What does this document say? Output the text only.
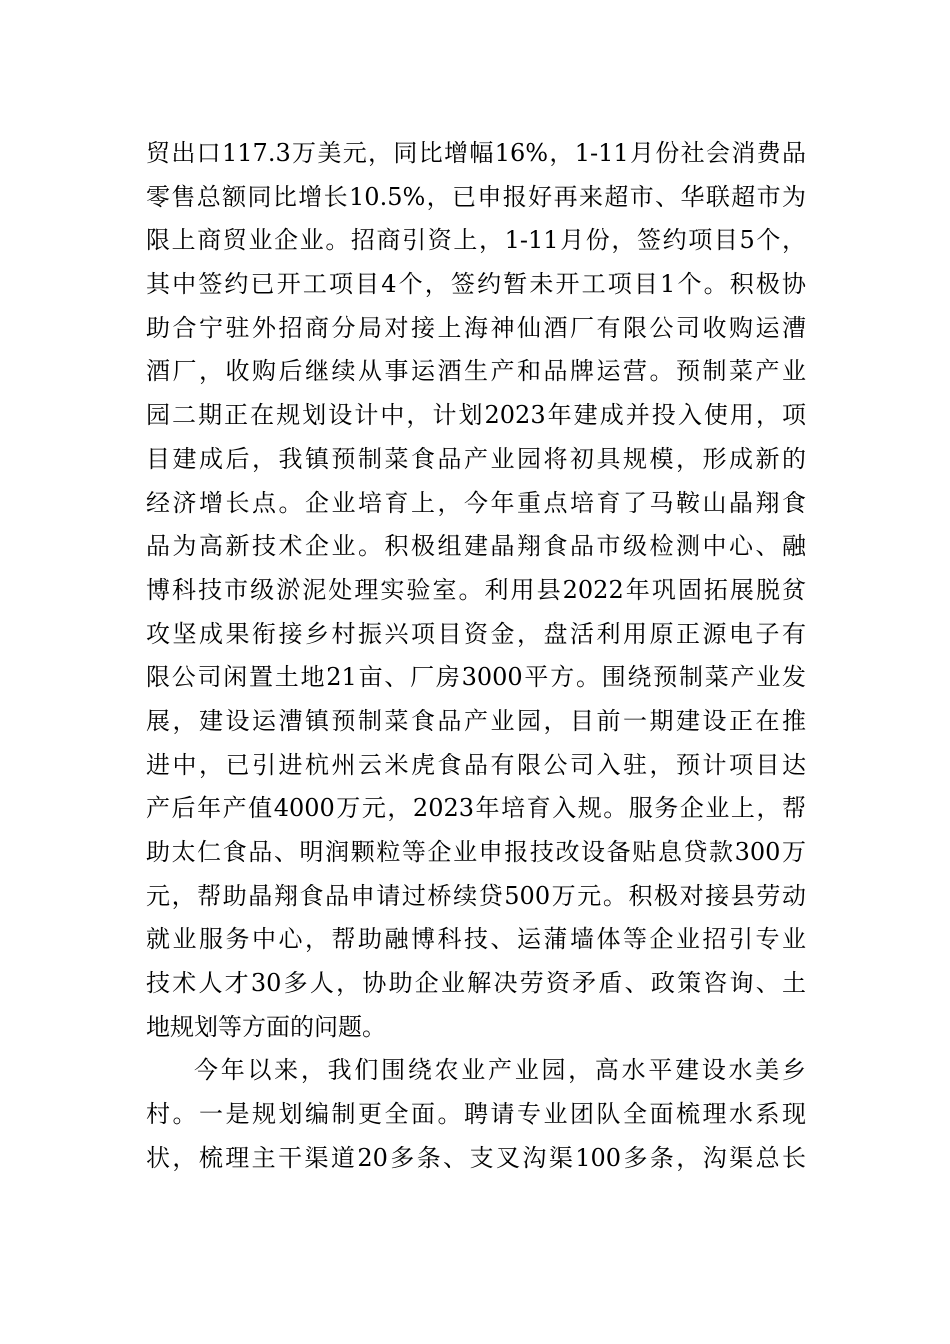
贸出口117.3万美元，同比增幅16%，1-11月份社会消费品
零售总额同比增长10.5%，已申报好再来超市、华联超市为
限上商贸业企业。招商引资上，1-11月份，签约项目5个，
其中签约已开工项目4个，签约暂未开工项目1个。积极协
助合宁驻外招商分局对接上海神仙酒厂有限公司收购运漕
酒厂，收购后继续从事运酒生产和品牌运营。预制菜产业
园二期正在规划设计中，计划2023年建成并投入使用，项
目建成后，我镇预制菜食品产业园将初具规模，形成新的
经济增长点。企业培育上，今年重点培育了马鞍山晶翔食
品为高新技术企业。积极组建晶翔食品市级检测中心、融
博科技市级淤泥处理实验室。利用县2022年巩固拓展脱贫
攻坚成果衔接乡村振兴项目资金，盘活利用原正源电子有
限公司闲置土地21亩、厂房3000平方。围绕预制菜产业发
展，建设运漕镇预制菜食品产业园，目前一期建设正在推
进中，已引进杭州云米虎食品有限公司入驻，预计项目达
产后年产值4000万元，2023年培育入规。服务企业上，帮
助太仁食品、明润颗粒等企业申报技改设备贴息贷款300万
元，帮助晶翔食品申请过桥续贷500万元。积极对接县劳动
就业服务中心，帮助融博科技、运蒲墙体等企业招引专业
技术人才30多人，协助企业解决劳资矛盾、政策咨询、土
地规划等方面的问题。
今年以来，我们围绕农业产业园，高水平建设水美乡
村。一是规划编制更全面。聘请专业团队全面梳理水系现
状，梳理主干渠道20多条、支叉沟渠100多条，沟渠总长
